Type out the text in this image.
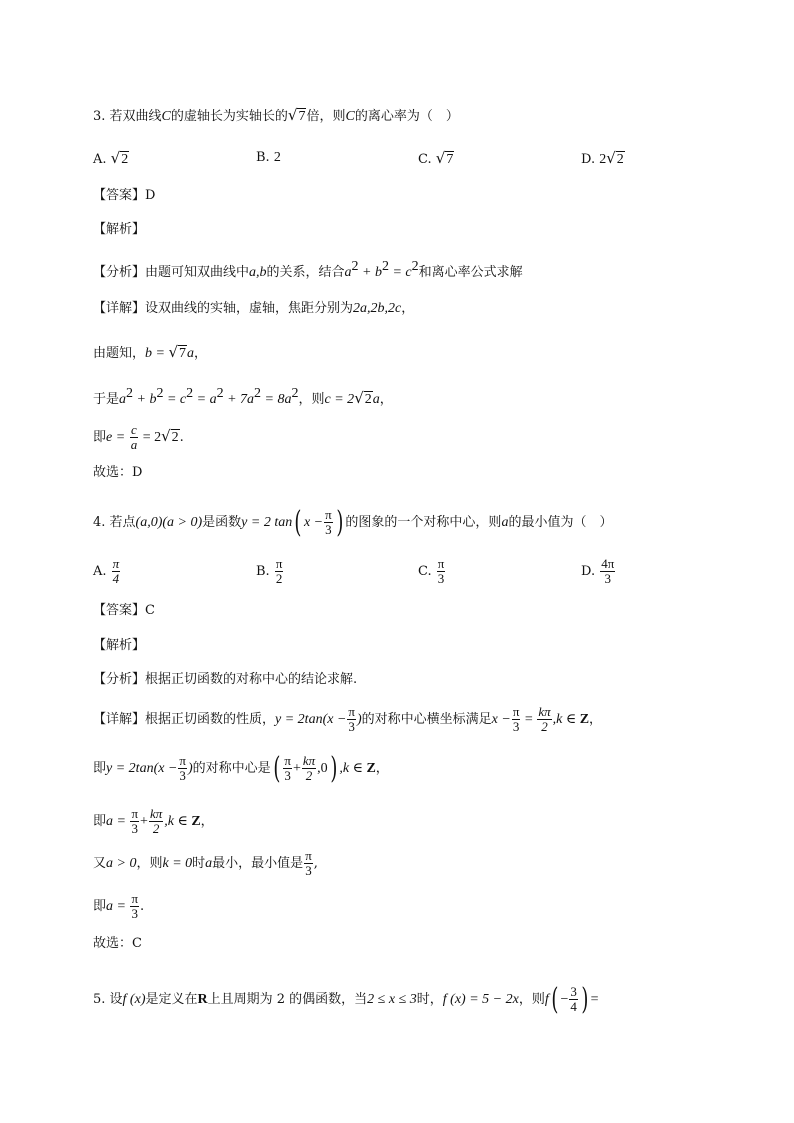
3. 若双曲线C的虚轴长为实轴长的√7倍，则C的离心率为（　）
A. √2	B. 2	C. √7	D. 2√2
【答案】D
【解析】
【分析】由题可知双曲线中a,b的关系，结合$a^2 + b^2 = c^2$和离心率公式求解
【详解】设双曲线的实轴，虚轴，焦距分别为2a,2b,2c，
由题知，b = √7a，
于是$a^2 + b^2 = c^2 = a^2 + 7a^2 = 8a^2$，则c = 2√2a，
即$e = \frac{c}{a} = 2√2$.
故选：D
4. 若点(a,0)(a > 0)是函数y = 2 tan( $x - \frac{\pi}{3}$ ) 的图象的一个对称中心，则a的最小值为（　）
A. $\frac{\pi}{4}$	B. $\frac{\pi}{2}$	C. $\frac{\pi}{3}$	D. $\frac{4\pi}{3}$
【答案】C
【解析】
【分析】根据正切函数的对称中心的结论求解.
【详解】根据正切函数的性质，$y = 2\tan(x - \frac{\pi}{3}$ )的对称中心横坐标满足$x - \frac{\pi}{3} = \frac{k\pi}{2} ,k$ ∈ Z，
即$y = 2\tan(x - \frac{\pi}{3}$ )的对称中心是( $\frac{\pi}{3} + \frac{k\pi}{2} ,0$) ,k ∈ Z，
即$a = \frac{\pi}{3} + \frac{k\pi}{2} ,k$ ∈ Z，
又a > 0，则k = 0时a最小，最小值是 $\frac{\pi}{3}$ ,
即$a = \frac{\pi}{3}$ .
故选：C
5. 设f (x)是定义在R上且周期为 2 的偶函数，当2 ≤ x ≤ 3时，f (x) = 5 − 2x，则$f( - \frac{3}{4}$ ) =
